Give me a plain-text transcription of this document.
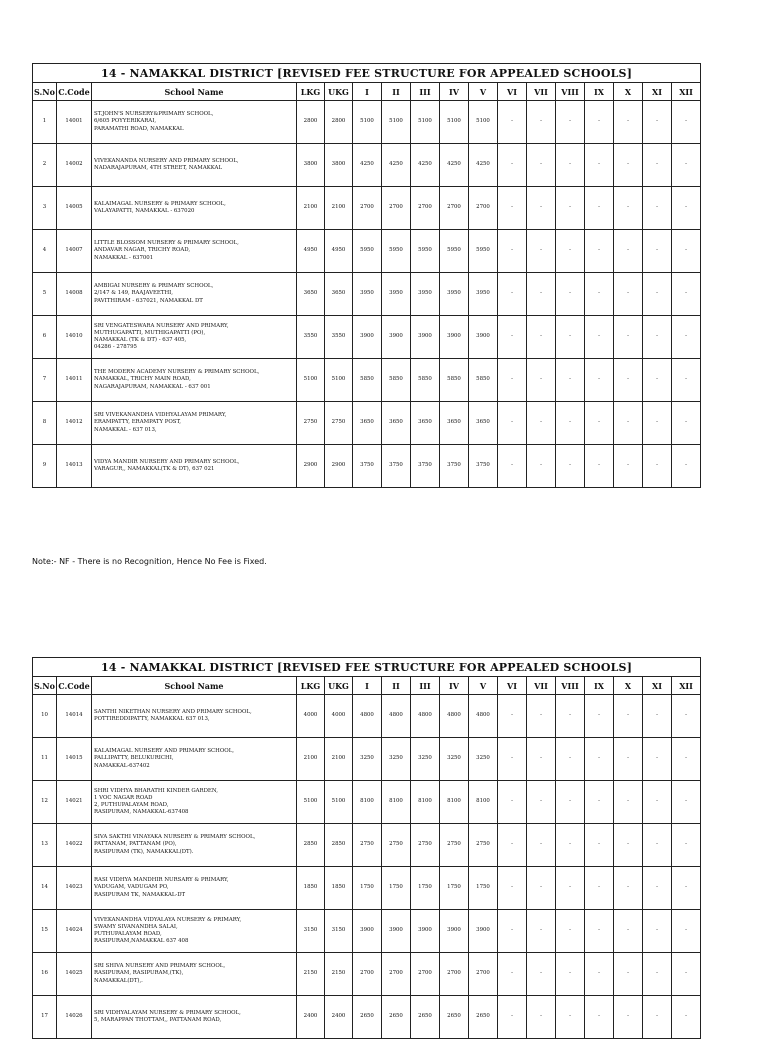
14 - NAMAKKAL DISTRICT [REVISED FEE STRUCTURE FOR APPEALED SCHOOLS]																
S.No	C.Code	School Name	LKG	UKG	I	II	III	IV	V	VI	VII	VIII	IX	X	XI	XII
1	14001	ST.JOHN'S NURSERY&PRIMARY SCHOOL,
6/605 POYYERIKARAI,
PARAMATHI ROAD, NAMAKKAL	2800	2800	5100	5100	5100	5100	5100	-	-	-	-	-	-	-
2	14002	VIVEKANANDA NURSERY AND PRIMARY SCHOOL,
NADARAJAPURAM, 4TH STREET, NAMAKKAL	3800	3800	4250	4250	4250	4250	4250	-	-	-	-	-	-	-
3	14005	KALAIMAGAL NURSERY & PRIMARY SCHOOL,
VALAYAPATTI, NAMAKKAL - 637020	2100	2100	2700	2700	2700	2700	2700	-	-	-	-	-	-	-
4	14007	LITTLE BLOSSOM NURSERY & PRIMARY SCHOOL,
ANDAVAR NAGAR, TRICHY ROAD,
NAMAKKAL - 637001	4950	4950	5950	5950	5950	5950	5950	-	-	-	-	-	-	-
5	14008	AMBIGAI NURSERY & PRIMARY SCHOOL,
2/147 & 149, RAAJAVEETHI,
PAVITHIRAM - 637021, NAMAKKAL DT	3650	3650	3950	3950	3950	3950	3950	-	-	-	-	-	-	-
6	14010	SRI VENGATESWARA NURSERY AND PRIMARY,
MUTHUGAPATTI, MUTHIGAPATTI (PO),
NAMAKKAL (TK & DT) - 637 405,
04286 - 278795	3550	3550	3900	3900	3900	3900	3900	-	-	-	-	-	-	-
7	14011	THE MODERN ACADEMY NURSERY & PRIMARY SCHOOL,
NAMAKKAL, TRICHY MAIN ROAD,
NAGARAJAPURAM, NAMAKKAL - 637 001	5100	5100	5850	5850	5850	5850	5850	-	-	-	-	-	-	-
8	14012	SRI VIVEKANANDHA VIDHYALAYAM PRIMARY,
ERAMPATTY, ERAMPATY POST,
NAMAKKAL - 637 013,	2750	2750	3650	3650	3650	3650	3650	-	-	-	-	-	-	-
9	14013	VIDYA MANDIR NURSERY AND PRIMARY SCHOOL,
VARAGUR,, NAMAKKAL(TK & DT), 637 021	2900	2900	3750	3750	3750	3750	3750	-	-	-	-	-	-	-
Note:- NF - There is no Recognition, Hence No Fee is Fixed.
14 - NAMAKKAL DISTRICT [REVISED FEE STRUCTURE FOR APPEALED SCHOOLS]																
S.No	C.Code	School Name	LKG	UKG	I	II	III	IV	V	VI	VII	VIII	IX	X	XI	XII
10	14014	SANTHI NIKETHAN NURSERY AND PRIMARY SCHOOL,
POTTIREDDIPATTY, NAMAKKAL 637 013,	4000	4000	4800	4800	4800	4800	4800	-	-	-	-	-	-	-
11	14015	KALAIMAGAL NURSERY AND PRIMARY SCHOOL,
PALLIPATTY, BELUKURICHI,
NAMAKKAL-637402	2100	2100	3250	3250	3250	3250	3250	-	-	-	-	-	-	-
12	14021	SHRI VIDHYA BHARATHI KINDER GARDEN,
1 VOC NAGAR ROAD
2, PUTHUPALAYAM ROAD,
RASIPURAM, NAMAKKAL-637408	5100	5100	8100	8100	8100	8100	8100	-	-	-	-	-	-	-
13	14022	SIVA SAKTHI VINAYAKA NURSERY & PRIMARY SCHOOL,
PATTANAM, PATTANAM (PO),
RASIPURAM (TK), NAMAKKAL(DT).	2850	2850	2750	2750	2750	2750	2750	-	-	-	-	-	-	-
14	14023	RASI VIDHYA MANDHIR NURSARY & PRIMARY,
VADUGAM, VADUGAM PO,
RASIPURAM TK, NAMAKKAL-DT	1850	1850	1750	1750	1750	1750	1750	-	-	-	-	-	-	-
15	14024	VIVEKANANDHA VIDYALAYA NURSERY & PRIMARY,
SWAMY SIVANANDHA SALAI,
PUTHUPALAYAM ROAD,
RASIPURAM,NAMAKKAL 637 408	3150	3150	3900	3900	3900	3900	3900	-	-	-	-	-	-	-
16	14025	SRI SHIVA NURSERY AND PRIMARY SCHOOL,
RASIPURAM, RASIPURAM,(TK),
NAMAKKAL(DT),.	2150	2150	2700	2700	2700	2700	2700	-	-	-	-	-	-	-
17	14026	SRI VIDHYALAYAM NURSERY & PRIMARY SCHOOL,
5, MARAPPAN THOTTAM,, PATTANAM ROAD,	2400	2400	2650	2650	2650	2650	2650	-	-	-	-	-	-	-
